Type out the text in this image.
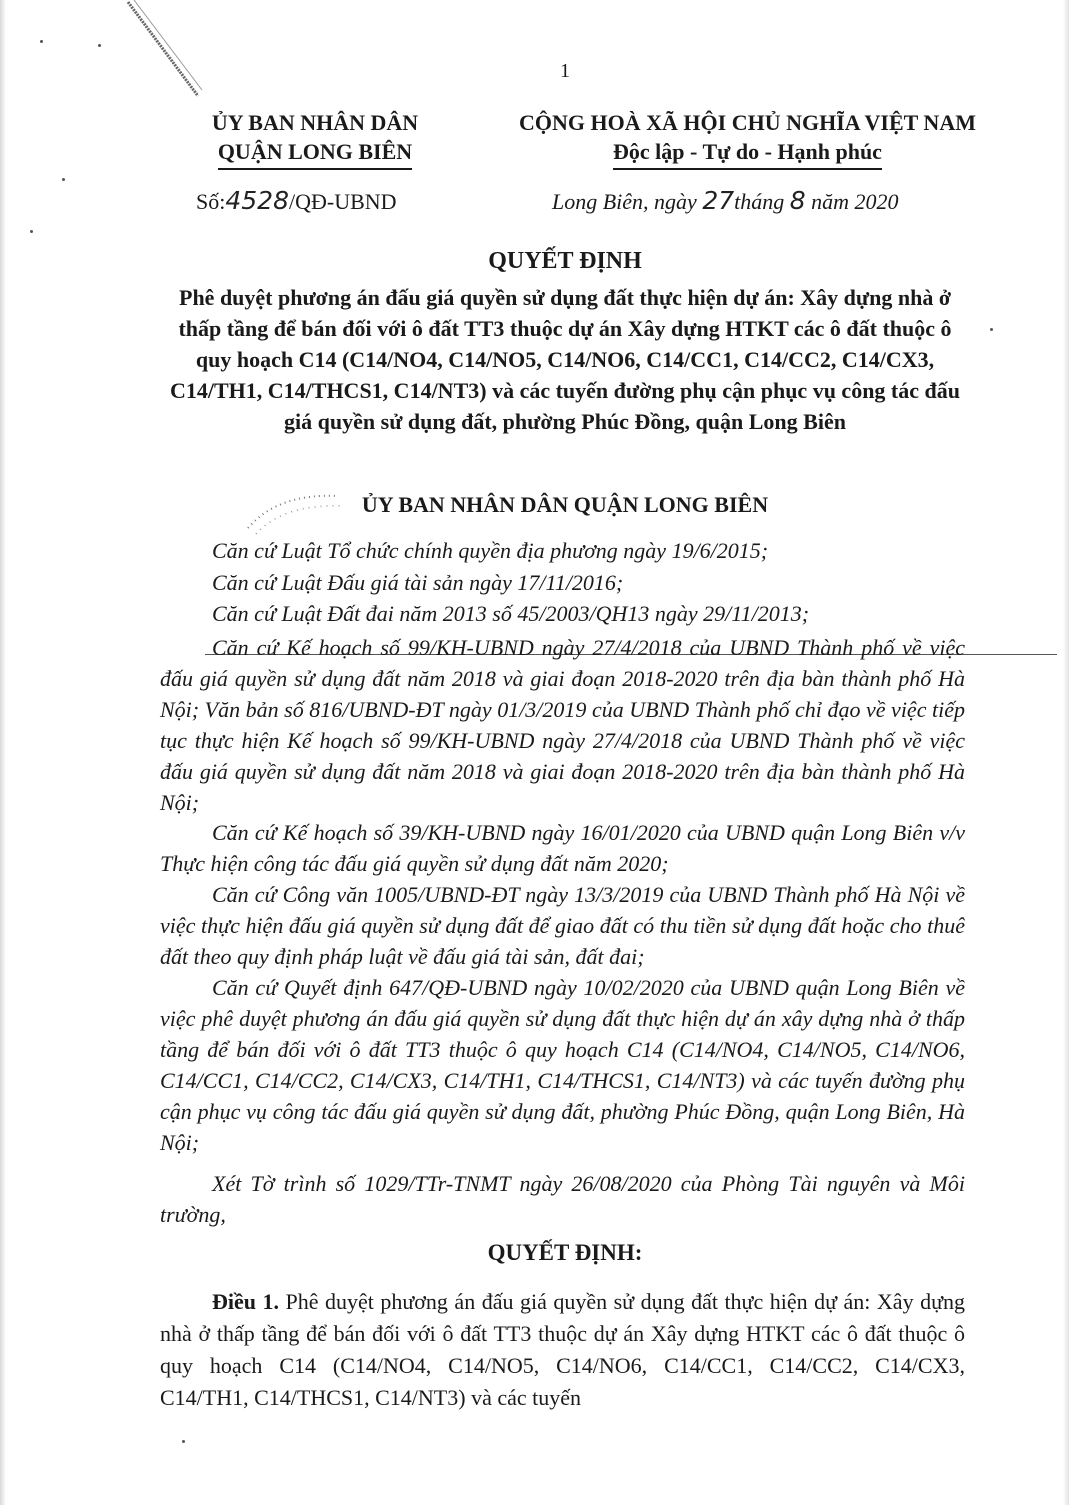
1
ỦY BAN NHÂN DÂN
QUẬN LONG BIÊN
CỘNG HOÀ XÃ HỘI CHỦ NGHĨA VIỆT NAM
Độc lập - Tự do - Hạnh phúc
Số:4528/QĐ-UBND	Long Biên, ngày 27tháng 8 năm 2020
QUYẾT ĐỊNH
Phê duyệt phương án đấu giá quyền sử dụng đất thực hiện dự án: Xây dựng nhà ở thấp tầng để bán đối với ô đất TT3 thuộc dự án Xây dựng HTKT các ô đất thuộc ô quy hoạch C14 (C14/NO4, C14/NO5, C14/NO6, C14/CC1, C14/CC2, C14/CX3, C14/TH1, C14/THCS1, C14/NT3) và các tuyến đường phụ cận phục vụ công tác đấu giá quyền sử dụng đất, phường Phúc Đồng, quận Long Biên
ỦY BAN NHÂN DÂN QUẬN LONG BIÊN
Căn cứ Luật Tổ chức chính quyền địa phương ngày 19/6/2015;
Căn cứ Luật Đấu giá tài sản ngày 17/11/2016;
Căn cứ Luật Đất đai năm 2013 số 45/2003/QH13 ngày 29/11/2013;
Căn cứ Kế hoạch số 99/KH-UBND ngày 27/4/2018 của UBND Thành phố về việc đấu giá quyền sử dụng đất năm 2018 và giai đoạn 2018-2020 trên địa bàn thành phố Hà Nội; Văn bản số 816/UBND-ĐT ngày 01/3/2019 của UBND Thành phố chỉ đạo về việc tiếp tục thực hiện Kế hoạch số 99/KH-UBND ngày 27/4/2018 của UBND Thành phố về việc đấu giá quyền sử dụng đất năm 2018 và giai đoạn 2018-2020 trên địa bàn thành phố Hà Nội;
Căn cứ Kế hoạch số 39/KH-UBND ngày 16/01/2020 của UBND quận Long Biên v/v Thực hiện công tác đấu giá quyền sử dụng đất năm 2020;
Căn cứ Công văn 1005/UBND-ĐT ngày 13/3/2019 của UBND Thành phố Hà Nội về việc thực hiện đấu giá quyền sử dụng đất để giao đất có thu tiền sử dụng đất hoặc cho thuê đất theo quy định pháp luật về đấu giá tài sản, đất đai;
Căn cứ Quyết định 647/QĐ-UBND ngày 10/02/2020 của UBND quận Long Biên về việc phê duyệt phương án đấu giá quyền sử dụng đất thực hiện dự án xây dựng nhà ở thấp tầng để bán đối với ô đất TT3 thuộc ô quy hoạch C14 (C14/NO4, C14/NO5, C14/NO6, C14/CC1, C14/CC2, C14/CX3, C14/TH1, C14/THCS1, C14/NT3) và các tuyến đường phụ cận phục vụ công tác đấu giá quyền sử dụng đất, phường Phúc Đồng, quận Long Biên, Hà Nội;
Xét Tờ trình số 1029/TTr-TNMT ngày 26/08/2020 của Phòng Tài nguyên và Môi trường,
QUYẾT ĐỊNH:
Điều 1. Phê duyệt phương án đấu giá quyền sử dụng đất thực hiện dự án: Xây dựng nhà ở thấp tầng để bán đối với ô đất TT3 thuộc dự án Xây dựng HTKT các ô đất thuộc ô quy hoạch C14 (C14/NO4, C14/NO5, C14/NO6, C14/CC1, C14/CC2, C14/CX3, C14/TH1, C14/THCS1, C14/NT3) và các tuyến
